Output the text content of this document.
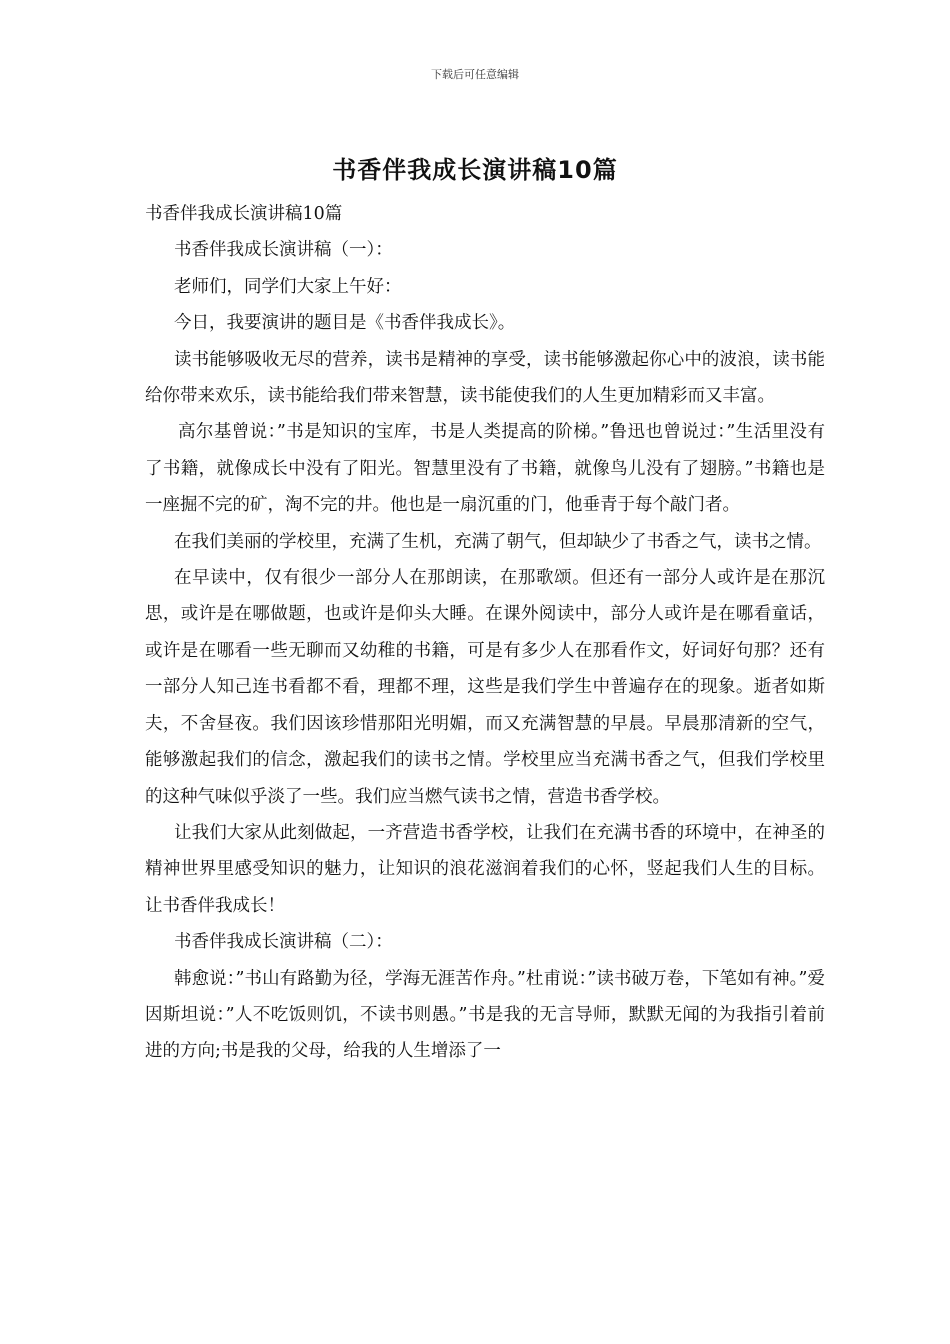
下载后可任意编辑
书香伴我成长演讲稿10篇

书香伴我成长演讲稿10篇

书香伴我成长演讲稿（一）：

老师们，同学们大家上午好：

今日，我要演讲的题目是《书香伴我成长》。

读书能够吸收无尽的营养，读书是精神的享受，读书能够激起你心中的波浪，读书能给你带来欢乐，读书能给我们带来智慧，读书能使我们的人生更加精彩而又丰富。

高尔基曾说：”书是知识的宝库，书是人类提高的阶梯。”鲁迅也曾说过：”生活里没有了书籍，就像成长中没有了阳光。智慧里没有了书籍，就像鸟儿没有了翅膀。”书籍也是一座掘不完的矿，淘不完的井。他也是一扇沉重的门，他垂青于每个敲门者。

在我们美丽的学校里，充满了生机，充满了朝气，但却缺少了书香之气，读书之情。

在早读中，仅有很少一部分人在那朗读，在那歌颂。但还有一部分人或许是在那沉思，或许是在哪做题，也或许是仰头大睡。在课外阅读中，部分人或许是在哪看童话，或许是在哪看一些无聊而又幼稚的书籍，可是有多少人在那看作文，好词好句那？还有一部分人知己连书看都不看，理都不理，这些是我们学生中普遍存在的现象。逝者如斯夫，不舍昼夜。我们因该珍惜那阳光明媚，而又充满智慧的早晨。早晨那清新的空气，能够激起我们的信念，激起我们的读书之情。学校里应当充满书香之气，但我们学校里的这种气味似乎淡了一些。我们应当燃气读书之情，营造书香学校。

让我们大家从此刻做起，一齐营造书香学校，让我们在充满书香的环境中，在神圣的精神世界里感受知识的魅力，让知识的浪花滋润着我们的心怀，竖起我们人生的目标。让书香伴我成长！

书香伴我成长演讲稿（二）：

韩愈说：”书山有路勤为径，学海无涯苦作舟。”杜甫说：”读书破万卷，下笔如有神。”爱因斯坦说：”人不吃饭则饥，不读书则愚。”书是我的无言导师，默默无闻的为我指引着前进的方向;书是我的父母，给我的人生增添了一
